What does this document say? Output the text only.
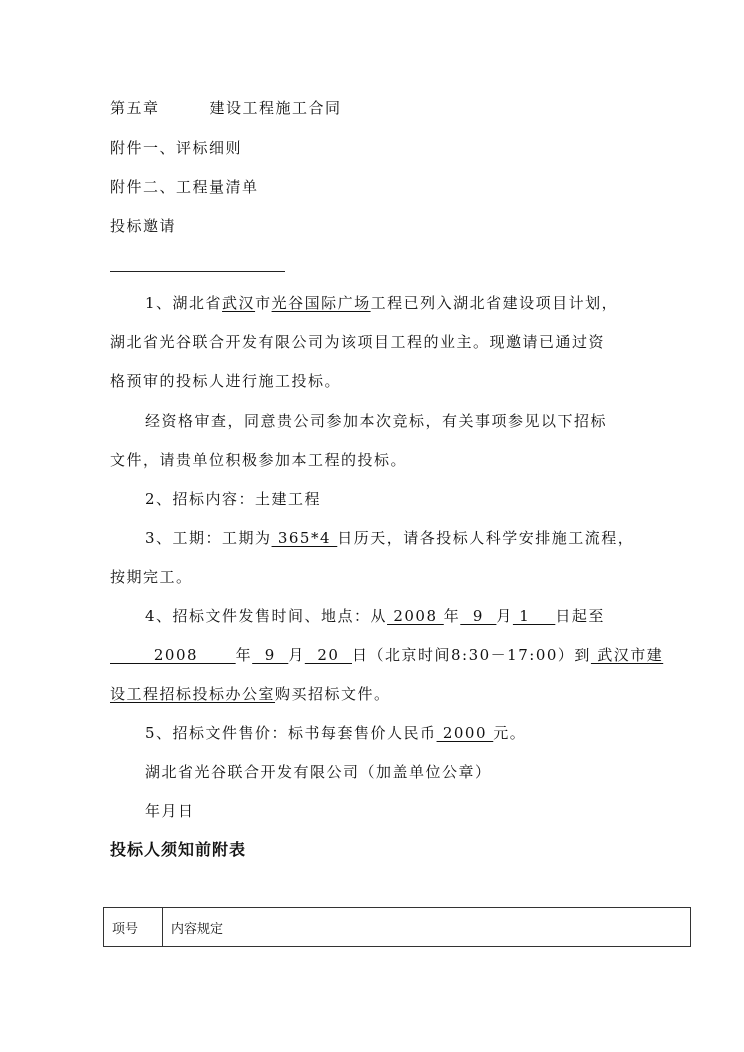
第五章	建设工程施工合同
附件一、评标细则
附件二、工程量清单
投标邀请
1、湖北省武汉市光谷国际广场工程已列入湖北省建设项目计划，
湖北省光谷联合开发有限公司为该项目工程的业主。现邀请已通过资
格预审的投标人进行施工投标。
经资格审查，同意贵公司参加本次竞标，有关事项参见以下招标
文件，请贵单位积极参加本工程的投标。
2、招标内容：土建工程
3、工期：工期为 365*4 日历天，请各投标人科学安排施工流程，
按期完工。
4、招标文件发售时间、地点：从 2008 年  9  月 1    日起至
2008      年  9  月  20  日（北京时间8:30－17:00）到 武汉市建
设工程招标投标办公室购买招标文件。
5、招标文件售价：标书每套售价人民币 2000 元。
湖北省光谷联合开发有限公司（加盖单位公章）
年月日
投标人须知前附表
项号	内容规定
